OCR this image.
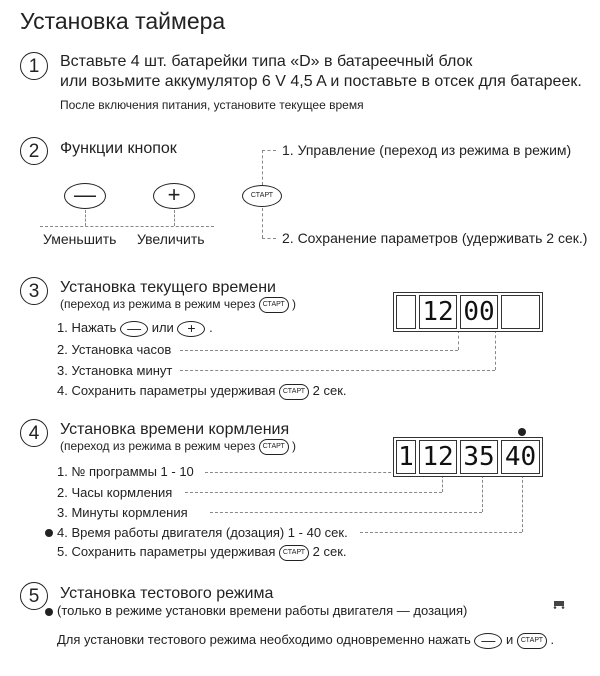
Установка таймера
1	Вставьте 4 шт. батарейки типа «D» в батареечный блок
или возьмите аккумулятор 6 V 4,5 A и поставьте в отсек для батареек.
После включения питания, установите текущее время
2	Функции кнопок
—	+	СТАРТ
Уменьшить Увеличить
1. Управление (переход из режима в режим)
2. Сохранение параметров (удерживать 2 сек.)
3	Установка текущего времени
(переход из режима в режим через СТАРТ )
1. Нажать — или + .
2. Установка часов
3. Установка минут
4. Сохранить параметры удерживая СТАРТ 2 сек.
12 00
4	Установка времени кормления
(переход из режима в режим через СТАРТ )
1. № программы 1 - 10
2. Часы кормления
3. Минуты кормления
4. Время работы двигателя (дозация) 1 - 40 сек.
5. Сохранить параметры удерживая СТАРТ 2 сек.
1 12 35 40
5	Установка тестового режима
(только в режиме установки времени работы двигателя — дозация)
Для установки тестового режима необходимо одновременно нажать — и СТАРТ .
